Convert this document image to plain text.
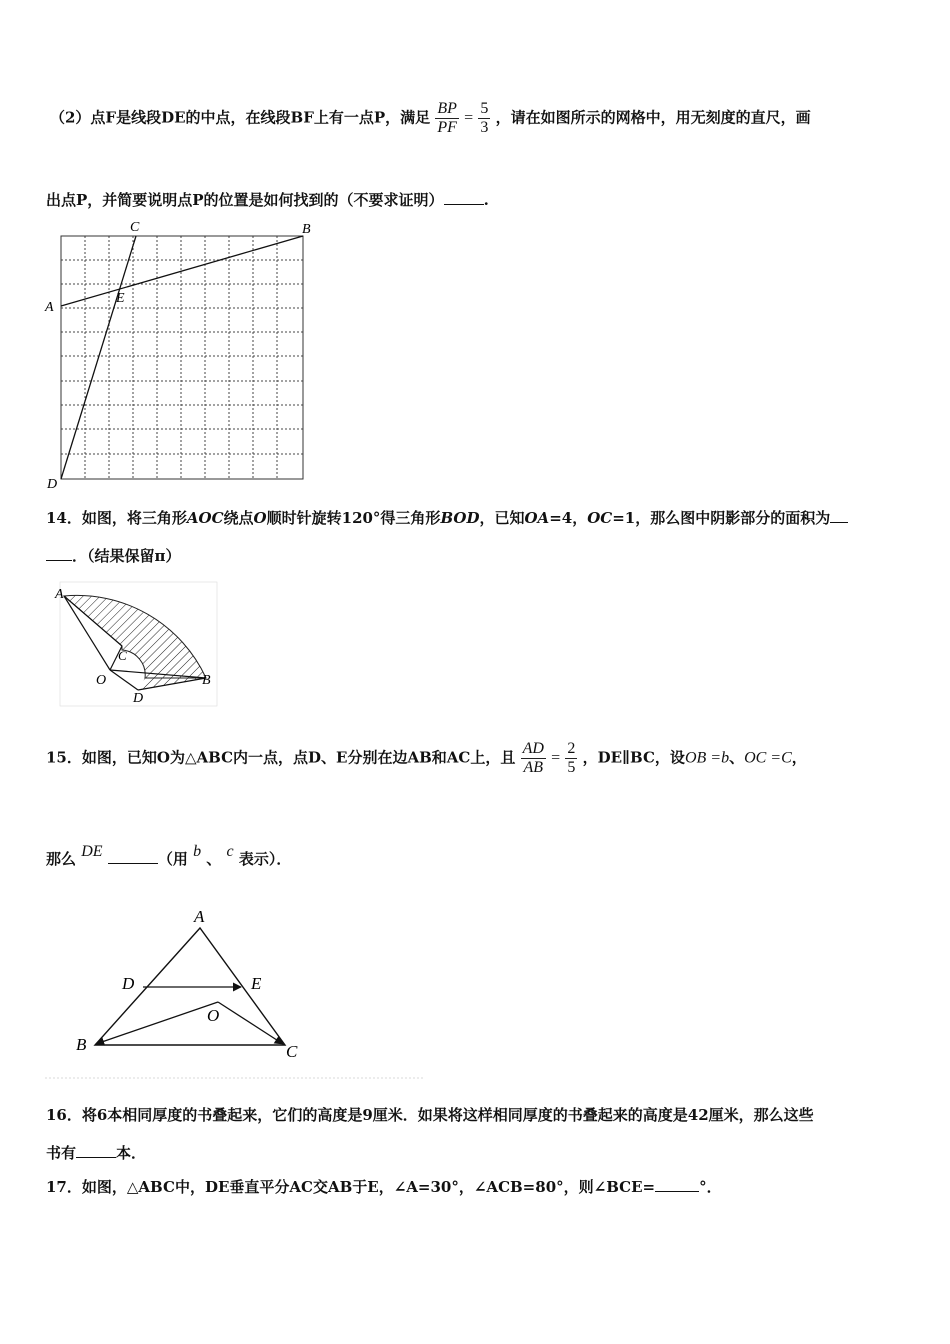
（2）点F是线段DE的中点，在线段BF上有一点P，满足 $\frac{BP}{PF} = \frac{5}{3}$ ，请在如图所示的网格中，用无刻度的直尺，画
出点P，并简要说明点P的位置是如何找到的（不要求证明）	.
C	B
A
E
D
14．如图，将三角形AOC绕点O顺时针旋转120°得三角形BOD，已知OA=4，OC=1，那么图中阴影部分的面积为
．（结果保留π）
A
C
O
D
B
15．如图，已知O为△ABC内一点，点D、E分别在边AB和AC上，且 $\frac{AD}{AB} = \frac{2}{5}$ ，DE∥BC，设OB =b、OC =C，
那么 DE	（用 b 、 c 表示）．
A
D	E
O
B	C
16．将6本相同厚度的书叠起来，它们的高度是9厘米．如果将这样相同厚度的书叠起来的高度是42厘米，那么这些
书有	本．
17．如图，△ABC中，DE垂直平分AC交AB于E，∠A=30°，∠ACB=80°，则∠BCE=	°．
